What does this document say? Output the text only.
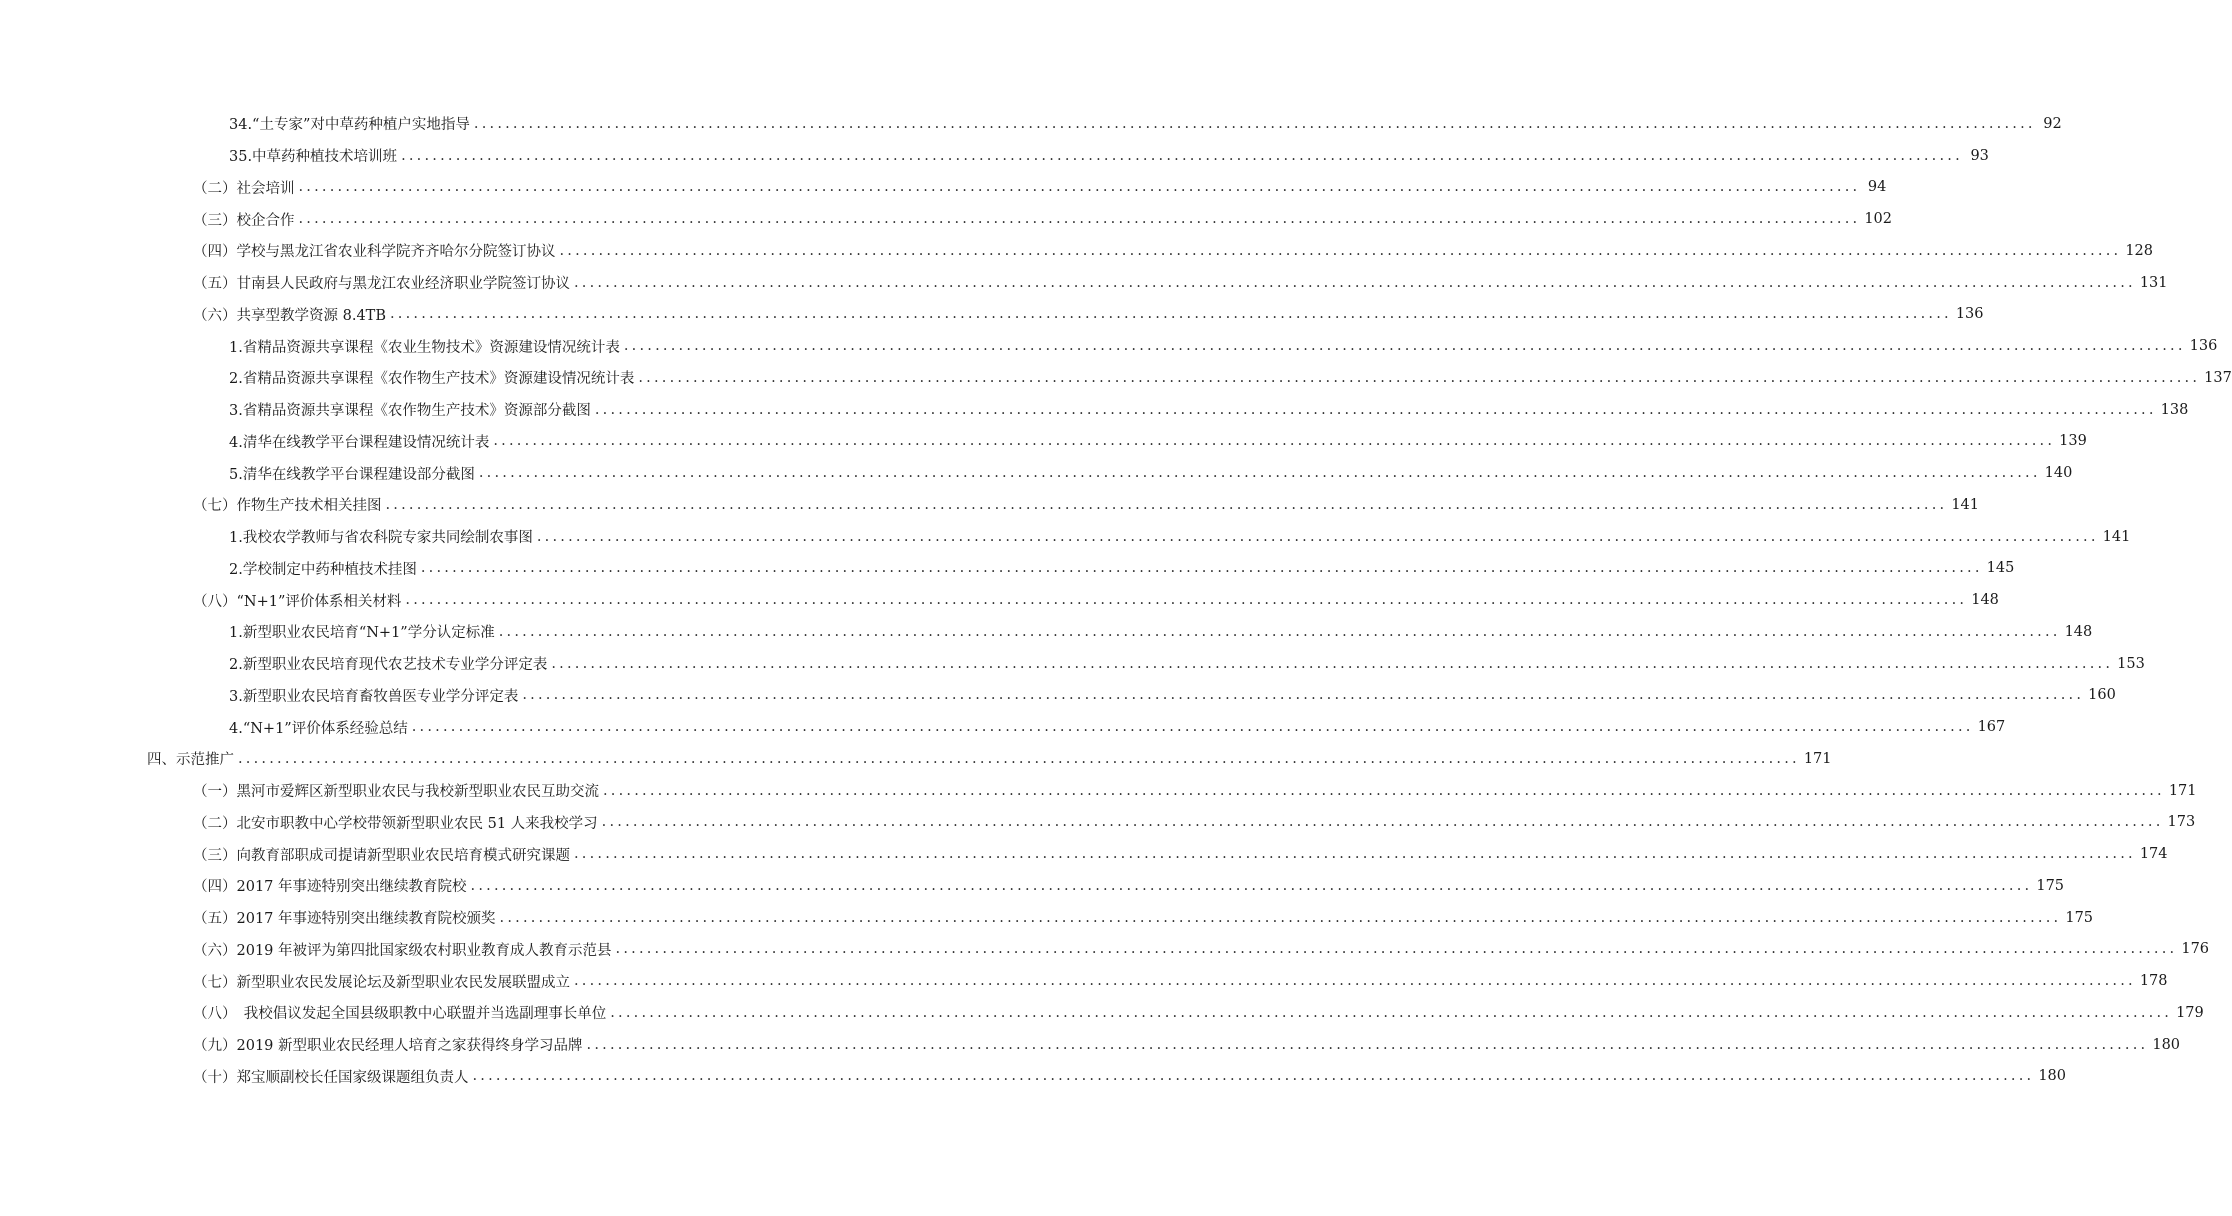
34.“土专家”对中草药种植户实地指导 ........................................................................................................................................................................................................ 92
35.中草药种植技术培训班 ........................................................................................................................................................................................................ 93
（二）社会培训 ........................................................................................................................................................................................................ 94
（三）校企合作 ........................................................................................................................................................................................................ 102
（四）学校与黑龙江省农业科学院齐齐哈尔分院签订协议 ........................................................................................................................................................................................................ 128
（五）甘南县人民政府与黑龙江农业经济职业学院签订协议 ........................................................................................................................................................................................................ 131
（六）共享型教学资源 8.4TB ........................................................................................................................................................................................................ 136
1.省精品资源共享课程《农业生物技术》资源建设情况统计表 ........................................................................................................................................................................................................ 136
2.省精品资源共享课程《农作物生产技术》资源建设情况统计表 ........................................................................................................................................................................................................ 137
3.省精品资源共享课程《农作物生产技术》资源部分截图 ........................................................................................................................................................................................................ 138
4.清华在线教学平台课程建设情况统计表 ........................................................................................................................................................................................................ 139
5.清华在线教学平台课程建设部分截图 ........................................................................................................................................................................................................ 140
（七）作物生产技术相关挂图 ........................................................................................................................................................................................................ 141
1.我校农学教师与省农科院专家共同绘制农事图 ........................................................................................................................................................................................................ 141
2.学校制定中药种植技术挂图 ........................................................................................................................................................................................................ 145
（八）“N+1”评价体系相关材料 ........................................................................................................................................................................................................ 148
1.新型职业农民培育“N+1”学分认定标准 ........................................................................................................................................................................................................ 148
2.新型职业农民培育现代农艺技术专业学分评定表 ........................................................................................................................................................................................................ 153
3.新型职业农民培育畜牧兽医专业学分评定表 ........................................................................................................................................................................................................ 160
4.“N+1”评价体系经验总结 ........................................................................................................................................................................................................ 167
四、示范推广 ........................................................................................................................................................................................................ 171
（一）黑河市爱辉区新型职业农民与我校新型职业农民互助交流 ........................................................................................................................................................................................................ 171
（二）北安市职教中心学校带领新型职业农民 51 人来我校学习 ........................................................................................................................................................................................................ 173
（三）向教育部职成司提请新型职业农民培育模式研究课题 ........................................................................................................................................................................................................ 174
（四）2017 年事迹特别突出继续教育院校 ........................................................................................................................................................................................................ 175
（五）2017 年事迹特别突出继续教育院校颁奖 ........................................................................................................................................................................................................ 175
（六）2019 年被评为第四批国家级农村职业教育成人教育示范县 ........................................................................................................................................................................................................ 176
（七）新型职业农民发展论坛及新型职业农民发展联盟成立 ........................................................................................................................................................................................................ 178
（八）　我校倡议发起全国县级职教中心联盟并当选副理事长单位 ........................................................................................................................................................................................................ 179
（九）2019 新型职业农民经理人培育之家获得终身学习品牌 ........................................................................................................................................................................................................ 180
（十）郑宝顺副校长任国家级课题组负责人 ........................................................................................................................................................................................................ 180
